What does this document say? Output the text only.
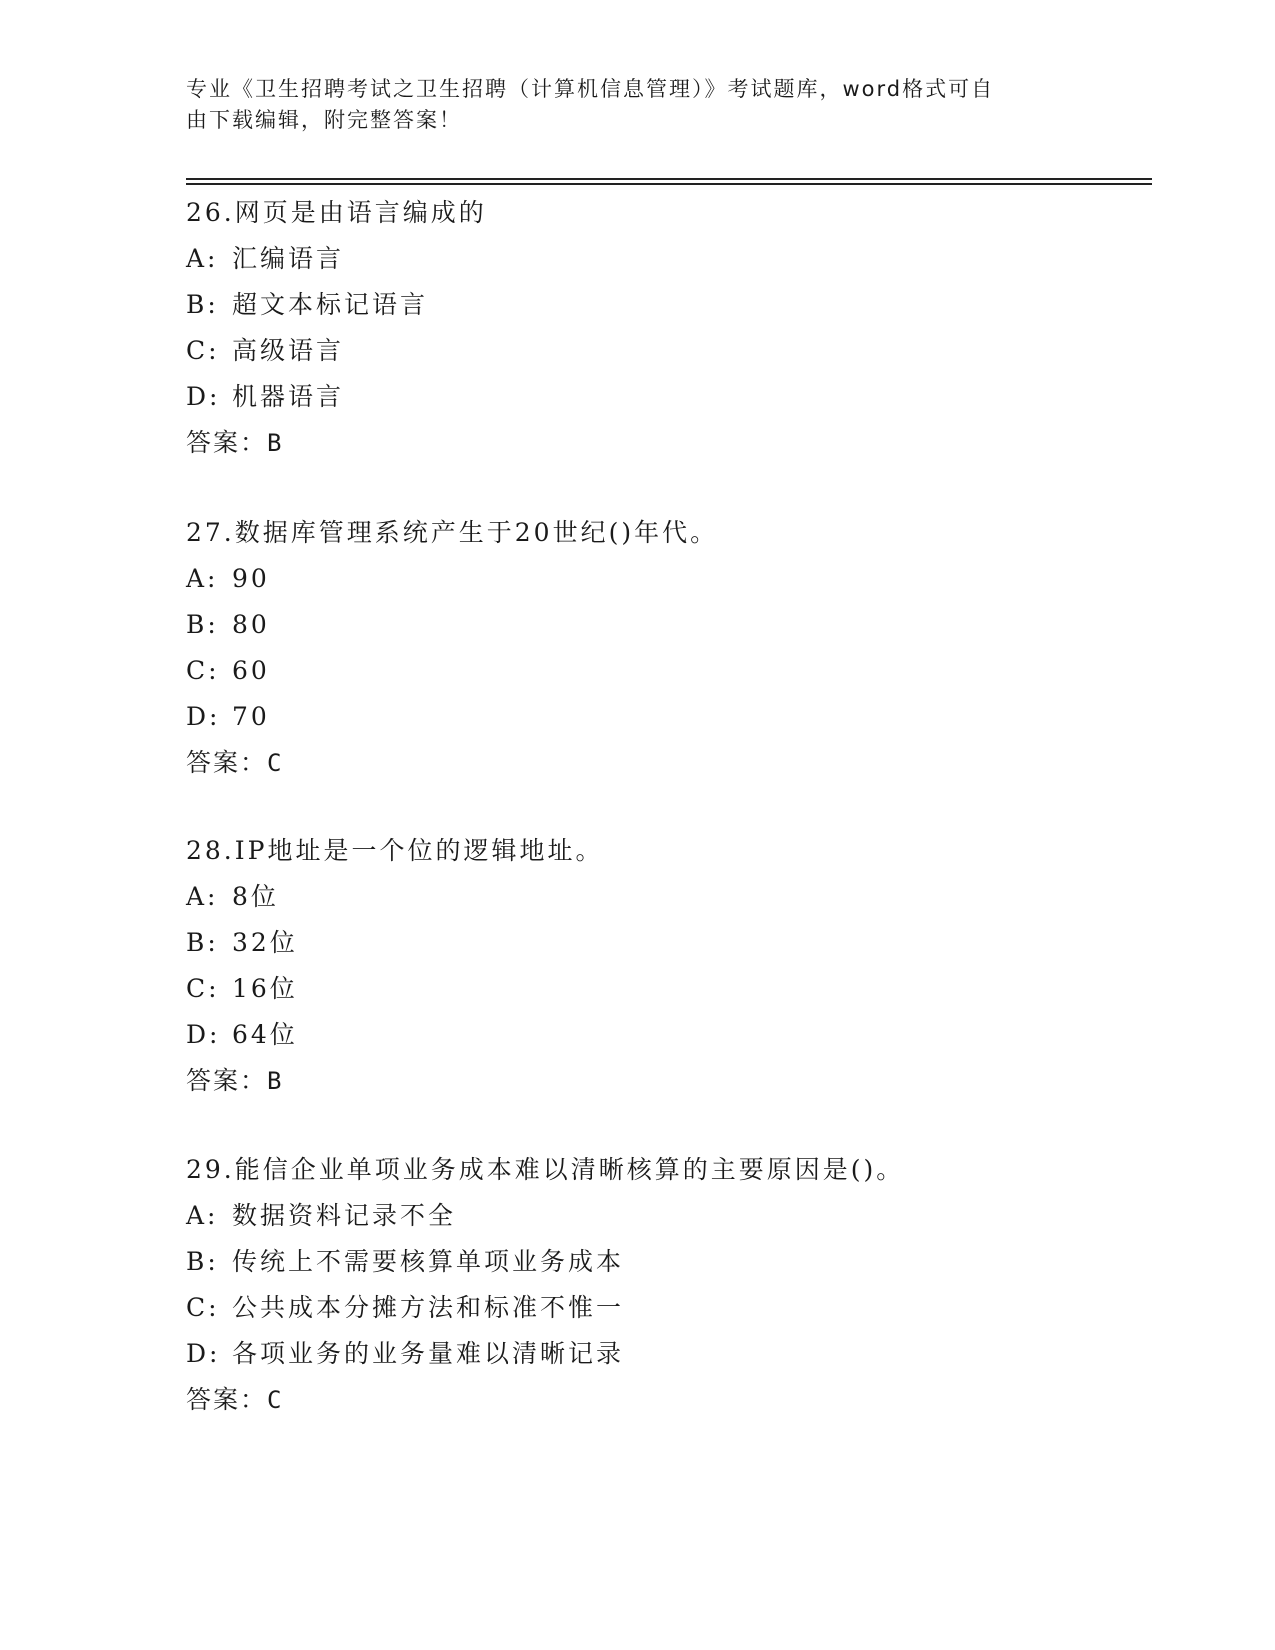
专业《卫生招聘考试之卫生招聘（计算机信息管理）》考试题库，word格式可自
由下载编辑，附完整答案！
26.网页是由语言编成的
A: 汇编语言
B: 超文本标记语言
C: 高级语言
D: 机器语言
答案：B
27.数据库管理系统产生于20世纪()年代。
A: 90
B: 80
C: 60
D: 70
答案：C
28.IP地址是一个位的逻辑地址。
A: 8位
B: 32位
C: 16位
D: 64位
答案：B
29.能信企业单项业务成本难以清晰核算的主要原因是()。
A: 数据资料记录不全
B: 传统上不需要核算单项业务成本
C: 公共成本分摊方法和标准不惟一
D: 各项业务的业务量难以清晰记录
答案：C
